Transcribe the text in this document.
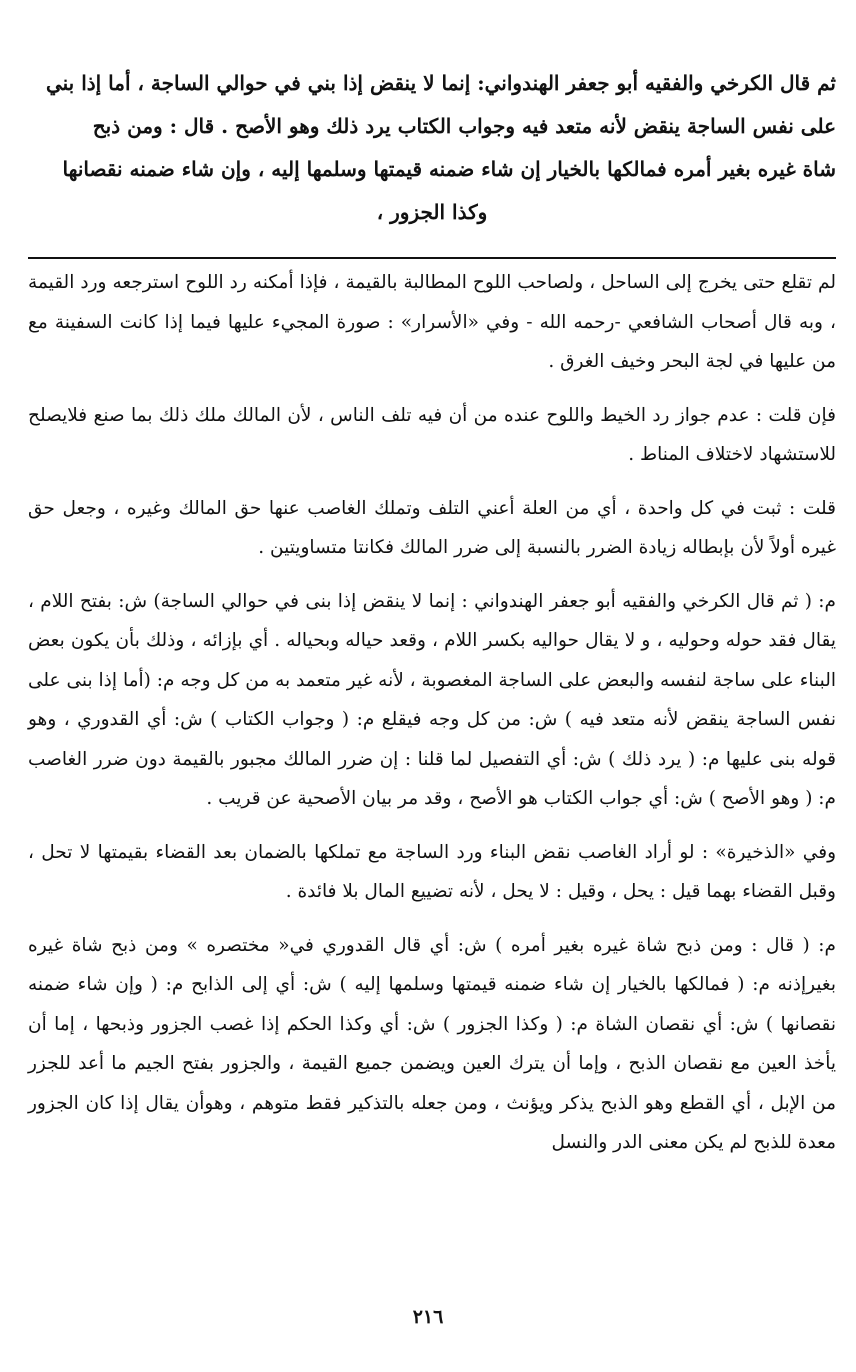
ثم قال الكرخي والفقيه أبو جعفر الهندواني: إنما لا ينقض إذا بني في حوالي الساجة ، أما إذا بني

على نفس الساجة ينقض لأنه متعد فيه وجواب الكتاب يرد ذلك وهو الأصح . قال : ومن ذبح

شاة غيره بغير أمره فمالكها بالخيار إن شاء ضمنه قيمتها وسلمها إليه ، وإن شاء ضمنه نقصانها

وكذا الجزور ،

لم تقلع حتى يخرج إلى الساحل ، ولصاحب اللوح المطالبة بالقيمة ، فإذا أمكنه رد اللوح استرجعه ورد القيمة ، وبه قال أصحاب الشافعي -رحمه الله - وفي «الأسرار» : صورة المجيء عليها فيما إذا كانت السفينة مع من عليها في لجة البحر وخيف الغرق .

فإن قلت : عدم جواز رد الخيط واللوح عنده من أن فيه تلف الناس ، لأن المالك ملك ذلك بما صنع فلايصلح للاستشهاد لاختلاف المناط .

قلت : ثبت في كل واحدة ، أي من العلة أعني التلف وتملك الغاصب عنها حق المالك وغيره ، وجعل حق غيره أولاً لأن بإبطاله زيادة الضرر بالنسبة إلى ضرر المالك فكانتا متساويتين .

م: ( ثم قال الكرخي والفقيه أبو جعفر الهندواني : إنما لا ينقض إذا بنى في حوالي الساجة) ش: بفتح اللام ، يقال فقد حوله وحوليه ، و لا يقال حواليه بكسر اللام ، وقعد حياله وبحياله . أي بإزائه ، وذلك بأن يكون بعض البناء على ساجة لنفسه والبعض على الساجة المغصوبة ، لأنه غير متعمد به من كل وجه م: (أما إذا بنى على نفس الساجة ينقض لأنه متعد فيه ) ش: من كل وجه فيقلع م: ( وجواب الكتاب ) ش: أي القدوري ، وهو قوله بنى عليها م: ( يرد ذلك ) ش: أي التفصيل لما قلنا : إن ضرر المالك مجبور بالقيمة دون ضرر الغاصب م: ( وهو الأصح ) ش: أي جواب الكتاب هو الأصح ، وقد مر بيان الأصحية عن قريب .

وفي «الذخيرة» : لو أراد الغاصب نقض البناء ورد الساجة مع تملكها بالضمان بعد القضاء بقيمتها لا تحل ، وقبل القضاء بهما قيل : يحل ، وقيل : لا يحل ، لأنه تضييع المال بلا فائدة .

م: ( قال : ومن ذبح شاة غيره بغير أمره ) ش: أي قال القدوري في« مختصره » ومن ذبح شاة غيره بغيرإذنه م: ( فمالكها بالخيار إن شاء ضمنه قيمتها وسلمها إليه ) ش: أي إلى الذابح م: ( وإن شاء ضمنه نقصانها ) ش: أي نقصان الشاة م: ( وكذا الجزور ) ش: أي وكذا الحكم إذا غصب الجزور وذبحها ، إما أن يأخذ العين مع نقصان الذبح ، وإما أن يترك العين ويضمن جميع القيمة ، والجزور بفتح الجيم ما أعد للجزر من الإبل ، أي القطع وهو الذبح يذكر ويؤنث ، ومن جعله بالتذكير فقط متوهم ، وهوأن يقال إذا كان الجزور معدة للذبح لم يكن معنى الدر والنسل

٢١٦
